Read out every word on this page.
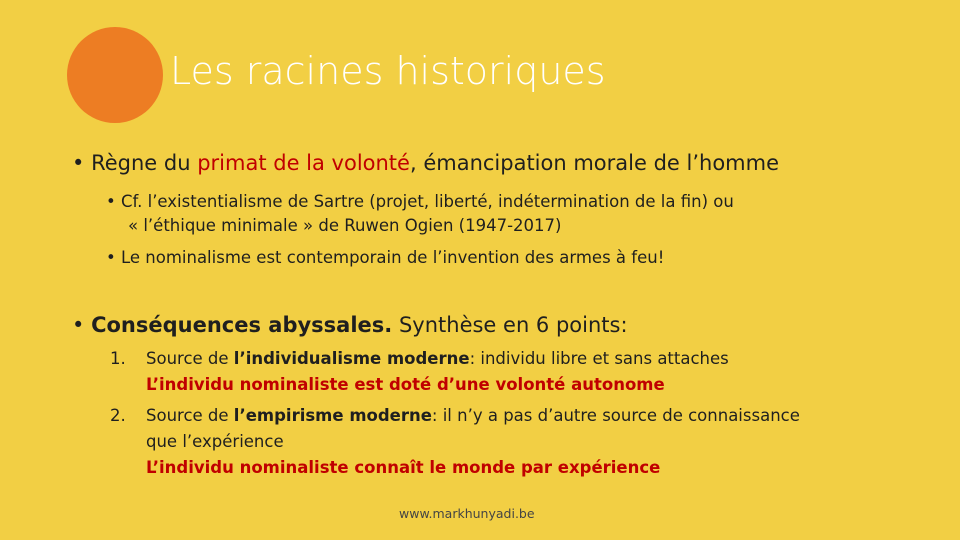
Les racines historiques
• Règne du primat de la volonté, émancipation morale de l’homme
• Cf. l’existentialisme de Sartre (projet, liberté, indétermination de la fin) ou
« l’éthique minimale » de Ruwen Ogien (1947-2017)
• Le nominalisme est contemporain de l’invention des armes à feu!
• Conséquences abyssales. Synthèse en 6 points:
1. Source de l’individualisme moderne: individu libre et sans attaches
L’individu nominaliste est doté d’une volonté autonome
2. Source de l’empirisme moderne: il n’y a pas d’autre source de connaissance
que l’expérience
L’individu nominaliste connaît le monde par expérience
www.markhunyadi.be
